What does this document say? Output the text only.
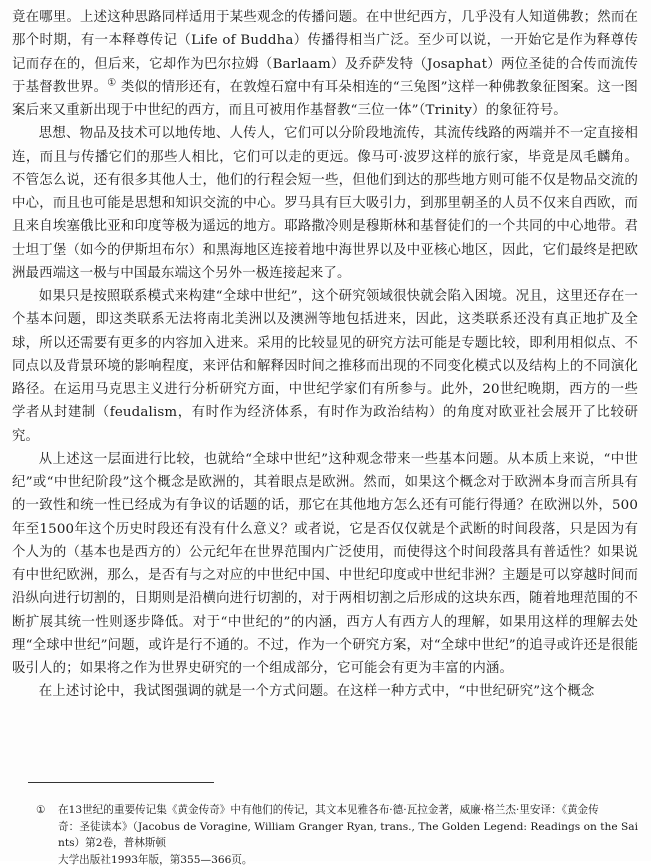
竟在哪里。上述这种思路同样适用于某些观念的传播问题。在中世纪西方，几乎没有人知道佛教；然而在那个时期，有一本释尊传记（Life of Buddha）传播得相当广泛。至少可以说，一开始它是作为释尊传记而存在的，但后来，它却作为巴尔拉姆（Barlaam）及乔萨发特（Josaphat）两位圣徒的合传而流传于基督教世界。① 类似的情形还有，在敦煌石窟中有耳朵相连的“三兔图”这样一种佛教象征图案。这一图案后来又重新出现于中世纪的西方，而且可被用作基督教“三位一体”（Trinity）的象征符号。

思想、物品及技术可以地传地、人传人，它们可以分阶段地流传，其流传线路的两端并不一定直接相连，而且与传播它们的那些人相比，它们可以走的更远。像马可·波罗这样的旅行家，毕竟是凤毛麟角。不管怎么说，还有很多其他人士，他们的行程会短一些，但他们到达的那些地方则可能不仅是物品交流的中心，而且也可能是思想和知识交流的中心。罗马具有巨大吸引力，到那里朝圣的人员不仅来自西欧，而且来自埃塞俄比亚和印度等极为遥远的地方。耶路撒冷则是穆斯林和基督徒们的一个共同的中心地带。君士坦丁堡（如今的伊斯坦布尔）和黑海地区连接着地中海世界以及中亚核心地区，因此，它们最终是把欧洲最西端这一极与中国最东端这个另外一极连接起来了。

如果只是按照联系模式来构建“全球中世纪”，这个研究领域很快就会陷入困境。况且，这里还存在一个基本问题，即这类联系无法将南北美洲以及澳洲等地包括进来，因此，这类联系还没有真正地扩及全球，所以还需要有更多的内容加入进来。采用的比较显见的研究方法可能是专题比较，即利用相似点、不同点以及背景环境的影响程度，来评估和解释因时间之推移而出现的不同变化模式以及结构上的不同演化路径。在运用马克思主义进行分析研究方面，中世纪学家们有所参与。此外，20世纪晚期，西方的一些学者从封建制（feudalism，有时作为经济体系，有时作为政治结构）的角度对欧亚社会展开了比较研究。

从上述这一层面进行比较，也就给“全球中世纪”这种观念带来一些基本问题。从本质上来说，“中世纪”或“中世纪阶段”这个概念是欧洲的，其着眼点是欧洲。然而，如果这个概念对于欧洲本身而言所具有的一致性和统一性已经成为有争议的话题的话，那它在其他地方怎么还有可能行得通？在欧洲以外，500年至1500年这个历史时段还有没有什么意义？或者说，它是否仅仅就是个武断的时间段落，只是因为有个人为的（基本也是西方的）公元纪年在世界范围内广泛使用，而使得这个时间段落具有普适性？如果说有中世纪欧洲，那么，是否有与之对应的中世纪中国、中世纪印度或中世纪非洲？主题是可以穿越时间而沿纵向进行切割的，日期则是沿横向进行切割的，对于两相切割之后形成的这块东西，随着地理范围的不断扩展其统一性则逐步降低。对于“中世纪的”的内涵，西方人有西方人的理解，如果用这样的理解去处理“全球中世纪”问题，或许是行不通的。不过，作为一个研究方案，对“全球中世纪”的追寻或许还是很能吸引人的；如果将之作为世界史研究的一个组成部分，它可能会有更为丰富的内涵。

在上述讨论中，我试图强调的就是一个方式问题。在这样一种方式中，“中世纪研究”这个概念

① 在13世纪的重要传记集《黄金传奇》中有他们的传记，其文本见雅各布·德·瓦拉金著，威廉·格兰杰·里安译：《黄金传
奇：圣徒读本》（Jacobus de Voragine, William Granger Ryan, trans., The Golden Legend: Readings on the Saints）第2卷，普林斯顿
大学出版社1993年版，第355—366页。
